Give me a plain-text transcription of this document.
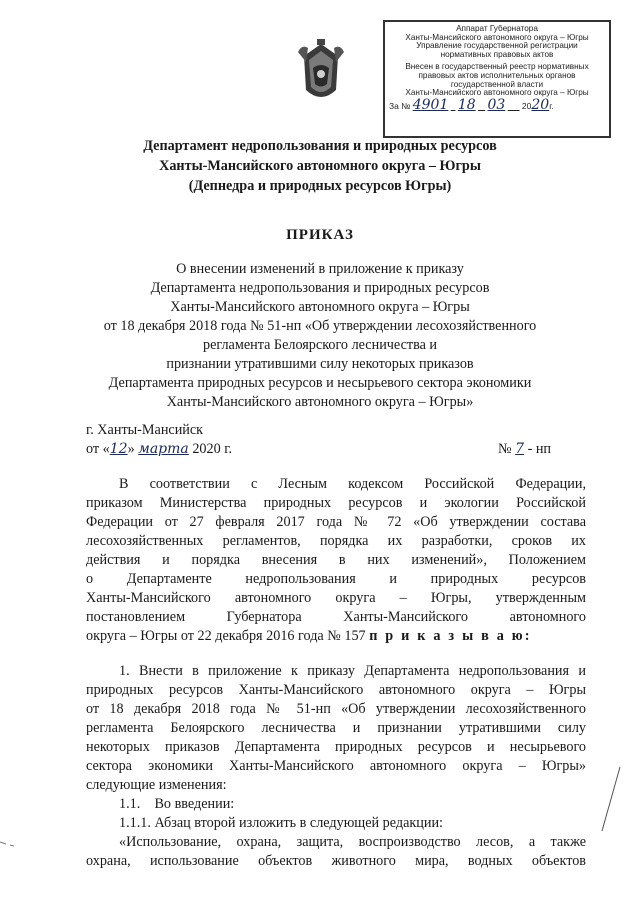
Аппарат Губернатора
Ханты-Мансийского автономного округа – Югры
Управление государственной регистрации
нормативных правовых актов
Внесен в государственный реестр нормативных
правовых актов исполнительных органов
государственной власти
Ханты-Мансийского автономного округа – Югры
За № 4901 18 03 2020г.
Департамент недропользования и природных ресурсов
Ханты-Мансийского автономного округа – Югры
(Депнедра и природных ресурсов Югры)
ПРИКАЗ
О внесении изменений в приложение к приказу
Департамента недропользования и природных ресурсов
Ханты-Мансийского автономного округа – Югры
от 18 декабря 2018 года № 51-нп «Об утверждении лесохозяйственного
регламента Белоярского лесничества и
признании утратившими силу некоторых приказов
Департамента природных ресурсов и несырьевого сектора экономики
Ханты-Мансийского автономного округа – Югры»
г. Ханты-Мансийск
от «12» марта 2020 г.	№ 7 - нп
В соответствии с Лесным кодексом Российской Федерации,
приказом Министерства природных ресурсов и экологии Российской
Федерации от 27 февраля 2017 года № 72 «Об утверждении состава
лесохозяйственных регламентов, порядка их разработки, сроков их
действия и порядка внесения в них изменений», Положением
о Департаменте недропользования и природных ресурсов
Ханты-Мансийского автономного округа – Югры, утвержденным
постановлением Губернатора Ханты-Мансийского автономного
округа – Югры от 22 декабря 2016 года № 157 п р и к а з ы в а ю:
1. Внести в приложение к приказу Департамента недропользования и
природных ресурсов Ханты-Мансийского автономного округа – Югры
от 18 декабря 2018 года № 51-нп «Об утверждении лесохозяйственного
регламента Белоярского лесничества и признании утратившими силу
некоторых приказов Департамента природных ресурсов и несырьевого
сектора экономики Ханты-Мансийского автономного округа – Югры»
следующие изменения:
1.1. Во введении:
1.1.1. Абзац второй изложить в следующей редакции:
«Использование, охрана, защита, воспроизводство лесов, а также
охрана, использование объектов животного мира, водных объектов
